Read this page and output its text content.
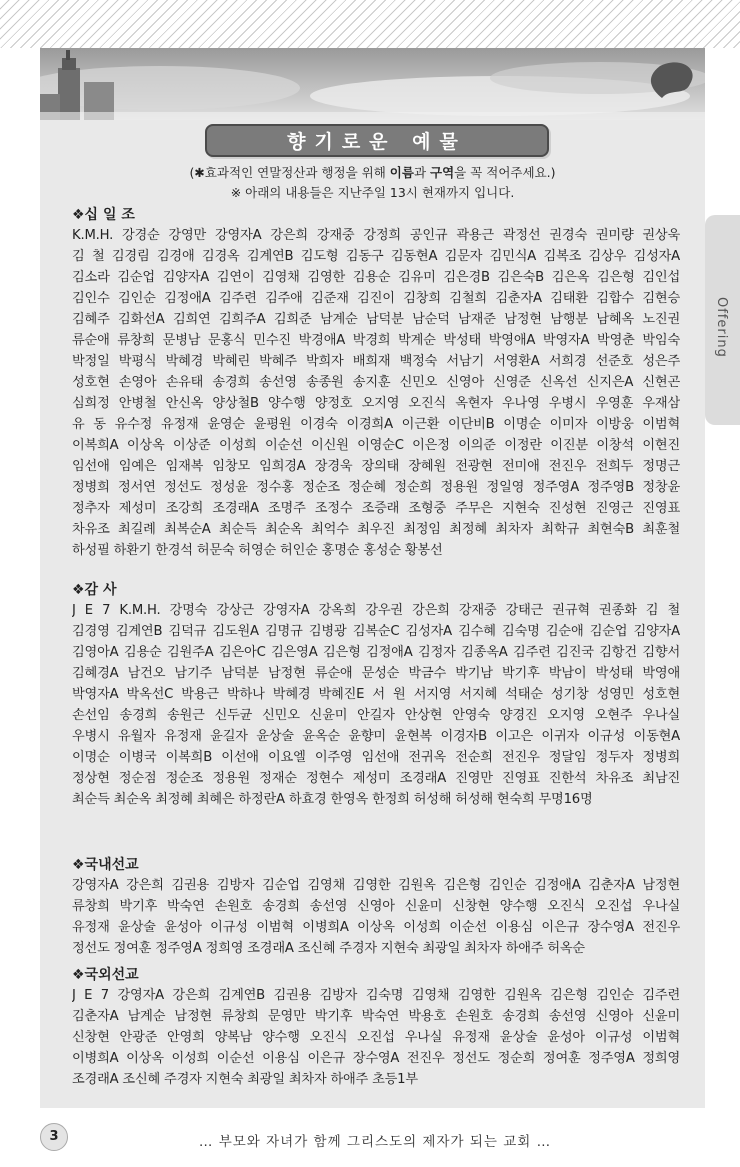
향기로운 예물
(✱효과적인 연말정산과 행정을 위해 이름과 구역을 꼭 적어주세요.)
※ 아래의 내용들은 지난주일 13시 현재까지 입니다.
Offering
❖십 일 조
K.M.H. 강경순 강영만 강영자A 강은희 강재중 강정희 공인규 곽용근 곽정선 권경숙 권미량 권상욱
김 철 김경림 김경애 김경옥 김계연B 김도형 김동구 김동현A 김문자 김민식A 김복조 김상우 김성자A
김소라 김순업 김양자A 김연이 김영채 김영한 김용순 김유미 김은경B 김은숙B 김은옥 김은형 김인섭
김인수 김인순 김정애A 김주련 김주애 김준재 김진이 김창희 김철희 김춘자A 김태환 김합수 김현승
김혜주 김화선A 김희연 김희주A 김희준 남계순 남덕분 남순덕 남재준 남정현 남행분 남혜옥 노진권
류순애 류창희 문병남 문홍식 민수진 박경애A 박경희 박계순 박성태 박영애A 박영자A 박영춘 박임숙
박정일 박평식 박혜경 박혜린 박혜주 박희자 배희재 백정숙 서남기 서영환A 서희경 선준호 성은주
성호현 손영아 손유태 송경희 송선영 송종원 송지훈 신민오 신영아 신영준 신옥선 신지은A 신현곤
심희정 안병철 안신옥 양상철B 양수행 양정호 오지영 오진식 옥현자 우나영 우병시 우영훈 우재삼
유 동 유수정 유정재 윤영순 윤평원 이경숙 이경희A 이근환 이단비B 이명순 이미자 이방웅 이범혁
이복희A 이상옥 이상준 이성희 이순선 이신원 이영순C 이은정 이의준 이정란 이진분 이창석 이현진
임선애 임예은 임재복 임창모 임희경A 장경욱 장의태 장혜원 전광현 전미애 전진우 전희두 정명근
정병희 정서연 정선도 정성윤 정수홍 정순조 정순혜 정순희 정용원 정일영 정주영A 정주영B 정창윤
정추자 제성미 조강희 조경래A 조명주 조정수 조증래 조형중 주무은 지현숙 진성현 진영근 진영표
차유조 최길례 최복순A 최순득 최순옥 최억수 최우진 최정임 최정혜 최차자 최학규 최현숙B 최훈철
하성필 하환기 한경석 허문숙 허영순 허인순 홍명순 홍성순 황봉선
❖감 사
J E 7 K.M.H. 강명숙 강상근 강영자A 강옥희 강우권 강은희 강재중 강태근 권규혁 권종화 김 철
김경영 김계연B 김덕규 김도원A 김명규 김병광 김복순C 김성자A 김수혜 김숙명 김순애 김순업 김양자A
김영아A 김용순 김원주A 김은아C 김은영A 김은형 김정애A 김정자 김종옥A 김주련 김진국 김항건 김향서
김혜경A 남건오 남기주 남덕분 남정현 류순애 문성순 박금수 박기남 박기후 박남이 박성태 박영애
박영자A 박옥선C 박용근 박하나 박혜경 박혜진E 서 원 서지영 서지혜 석태순 성기창 성영민 성호현
손선임 송경희 송원근 신두균 신민오 신윤미 안길자 안상현 안영숙 양경진 오지영 오현주 우나실
우병시 유월자 유정재 윤길자 윤상술 윤옥순 윤향미 윤현복 이경자B 이고은 이귀자 이규성 이동현A
이명순 이병국 이복희B 이선애 이요엘 이주영 임선애 전귀옥 전순희 전진우 정달임 정두자 정병희
정상현 정순점 정순조 정용원 정재순 정현수 제성미 조경래A 진영만 진영표 진한석 차유조 최남진
최순득 최순옥 최정혜 최혜은 하정란A 하효경 한영옥 한정희 허성해 허성해 현숙희 무명16명
❖국내선교
강영자A 강은희 김권용 김방자 김순업 김영채 김영한 김원옥 김은형 김인순 김정애A 김춘자A 남정현
류창희 박기후 박숙연 손원호 송경희 송선영 신영아 신윤미 신창현 양수행 오진식 오진섭 우나실
유정재 윤상술 윤성아 이규성 이범혁 이병희A 이상옥 이성희 이순선 이용심 이은규 장수영A 전진우
정선도 정여훈 정주영A 정희영 조경래A 조신혜 주경자 지현숙 최광일 최차자 하애주 허옥순
❖국외선교
J E 7 강영자A 강은희 김계연B 김권용 김방자 김숙명 김영채 김영한 김원옥 김은형 김인순 김주련
김춘자A 남계순 남정현 류창희 문영만 박기후 박숙연 박용호 손원호 송경희 송선영 신영아 신윤미
신창현 안광준 안영희 양복남 양수행 오진식 오진섭 우나실 유정재 윤상술 윤성아 이규성 이범혁
이병희A 이상옥 이성희 이순선 이용심 이은규 장수영A 전진우 정선도 정순희 정여훈 정주영A 정희영
조경래A 조신혜 주경자 지현숙 최광일 최차자 하애주 초등1부
3	… 부모와 자녀가 함께 그리스도의 제자가 되는 교회 …
